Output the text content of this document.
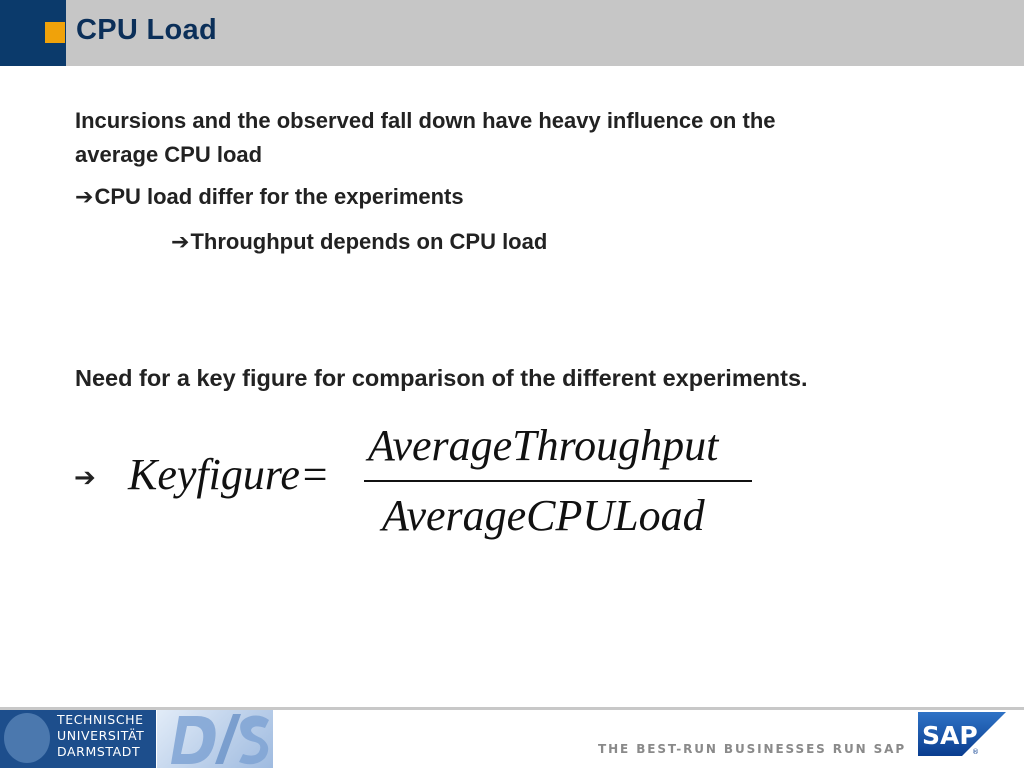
CPU Load
Incursions and the observed fall down have heavy influence on the
average CPU load
➔CPU load differ for the experiments
➔Throughput depends on CPU load
Need for a key figure for comparison of the different experiments.
➔ Keyfigure=
AverageThroughput
AverageCPULoad
TECHNISCHE
UNIVERSITÄT
DARMSTADT	THE BEST-RUN BUSINESSES RUN SAP SAP
®
